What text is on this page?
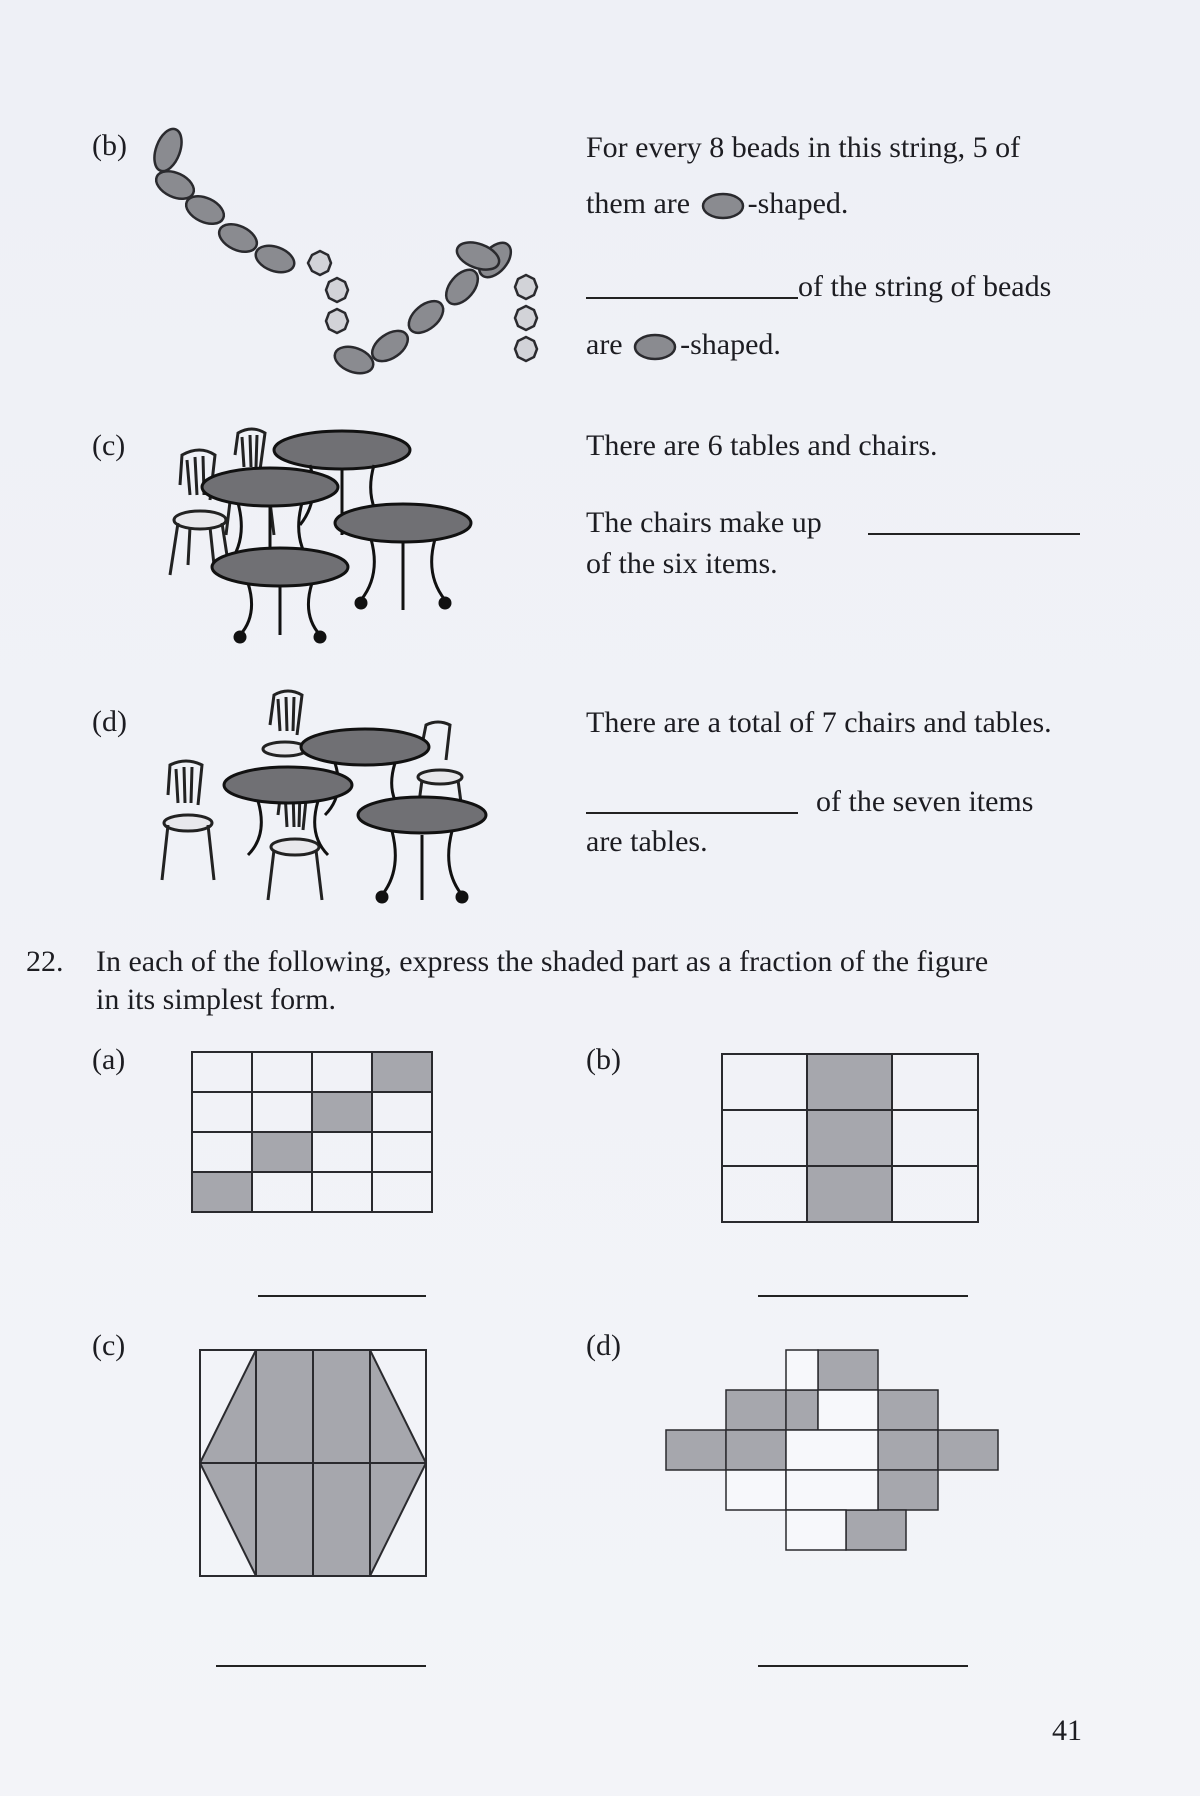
(b)	For every 8 beads in this string, 5 of
them are -shaped.
of the string of beads
are -shaped.
(c)	There are 6 tables and chairs.
The chairs make up
of the six items.
(d)	There are a total of 7 chairs and tables.
of the seven items
are tables.
22. In each of the following, express the shaded part as a fraction of the figure
in its simplest form.
(a)	(b)
(c)	(d)
41
